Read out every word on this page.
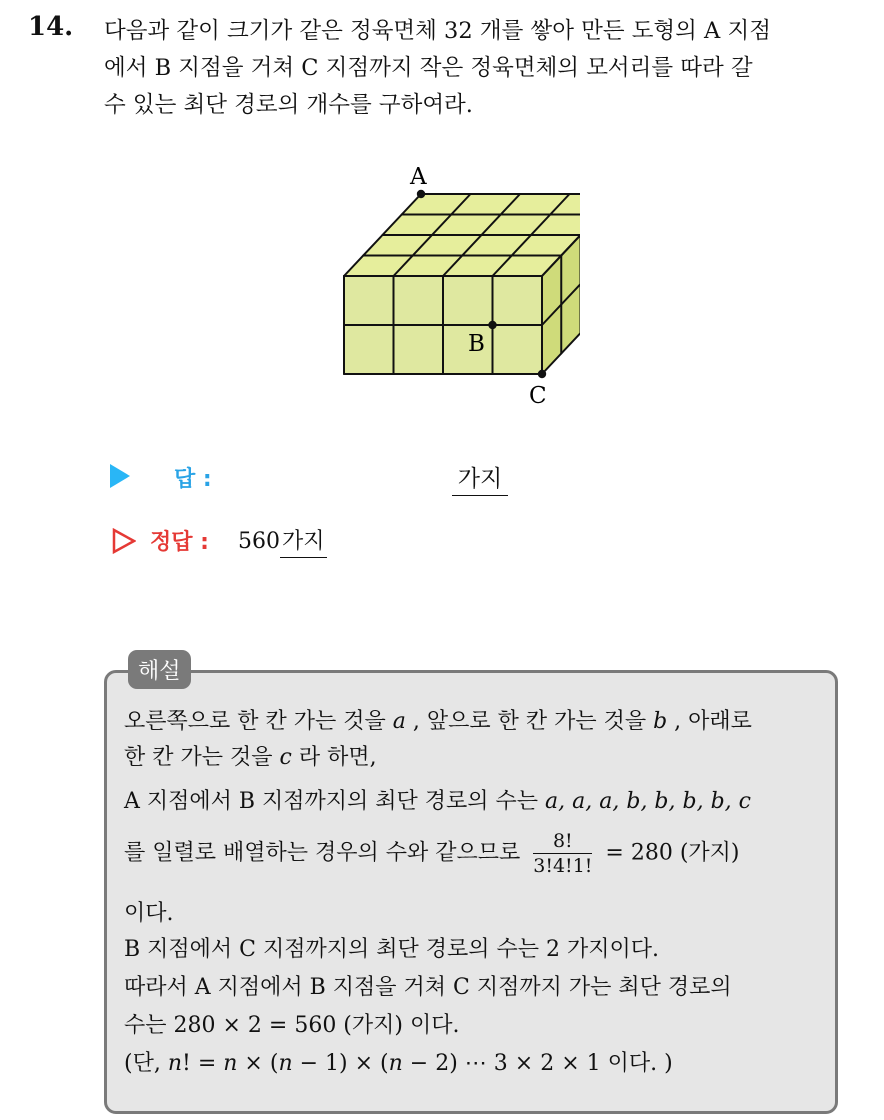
14. 다음과 같이 크기가 같은 정육면체 32 개를 쌓아 만든 도형의 A 지점
에서 B 지점을 거쳐 C 지점까지 작은 정육면체의 모서리를 따라 갈
수 있는 최단 경로의 개수를 구하여라.
A
B
C
답 :	가지
정답 : 560가지
해설
오른쪽으로 한 칸 가는 것을 a , 앞으로 한 칸 가는 것을 b , 아래로
한 칸 가는 것을 c 라 하면,
A 지점에서 B 지점까지의 최단 경로의 수는 a, a, a, b, b, b, b, c
를 일렬로 배열하는 경우의 수와 같으므로 $\frac{8!}{3!4!1!} = 280$ (가지)
이다.
B 지점에서 C 지점까지의 최단 경로의 수는 2 가지이다.
따라서 A 지점에서 B 지점을 거쳐 C 지점까지 가는 최단 경로의
수는 280 × 2 = 560 (가지) 이다.
(단, n! = n × (n − 1) × (n − 2) ⋯ 3 × 2 × 1 이다. )
